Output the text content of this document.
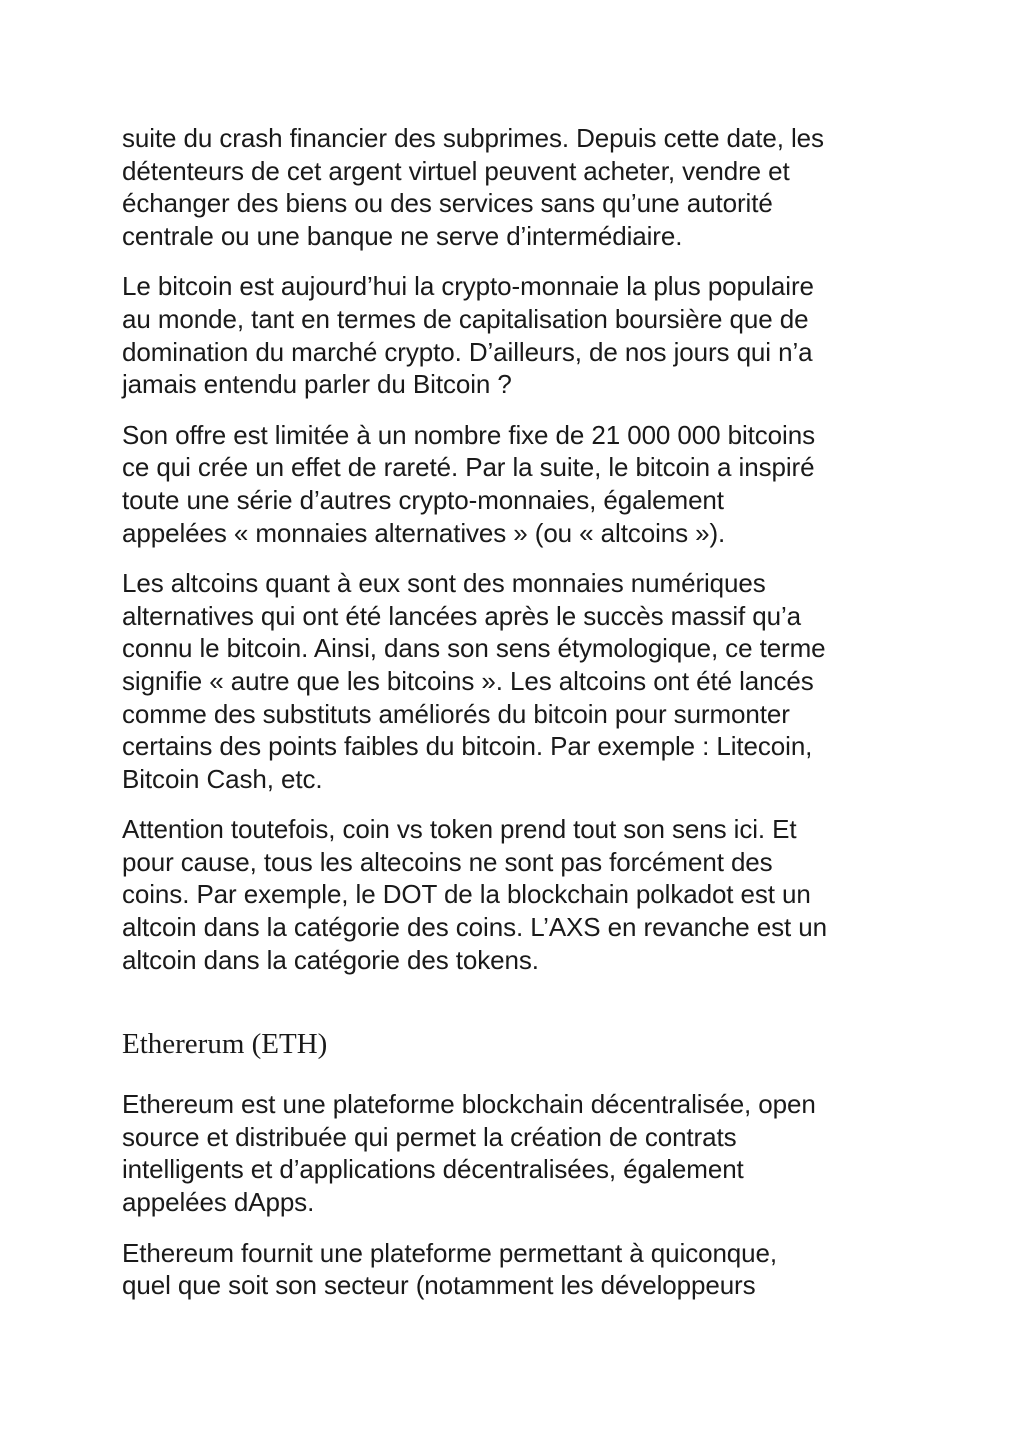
suite du crash financier des subprimes. Depuis cette date, les
détenteurs de cet argent virtuel peuvent acheter, vendre et
échanger des biens ou des services sans qu’une autorité
centrale ou une banque ne serve d’intermédiaire.

Le bitcoin est aujourd’hui la crypto-monnaie la plus populaire
au monde, tant en termes de capitalisation boursière que de
domination du marché crypto. D’ailleurs, de nos jours qui n’a
jamais entendu parler du Bitcoin ?

Son offre est limitée à un nombre fixe de 21 000 000 bitcoins
ce qui crée un effet de rareté. Par la suite, le bitcoin a inspiré
toute une série d’autres crypto-monnaies, également
appelées « monnaies alternatives » (ou « altcoins »).

Les altcoins quant à eux sont des monnaies numériques
alternatives qui ont été lancées après le succès massif qu’a
connu le bitcoin. Ainsi, dans son sens étymologique, ce terme
signifie « autre que les bitcoins ». Les altcoins ont été lancés
comme des substituts améliorés du bitcoin pour surmonter
certains des points faibles du bitcoin. Par exemple : Litecoin,
Bitcoin Cash, etc.

Attention toutefois, coin vs token prend tout son sens ici. Et
pour cause, tous les altecoins ne sont pas forcément des
coins. Par exemple, le DOT de la blockchain polkadot est un
altcoin dans la catégorie des coins. L’AXS en revanche est un
altcoin dans la catégorie des tokens.

Ethererum (ETH)

Ethereum est une plateforme blockchain décentralisée, open
source et distribuée qui permet la création de contrats
intelligents et d’applications décentralisées, également
appelées dApps.

Ethereum fournit une plateforme permettant à quiconque,
quel que soit son secteur (notamment les développeurs
